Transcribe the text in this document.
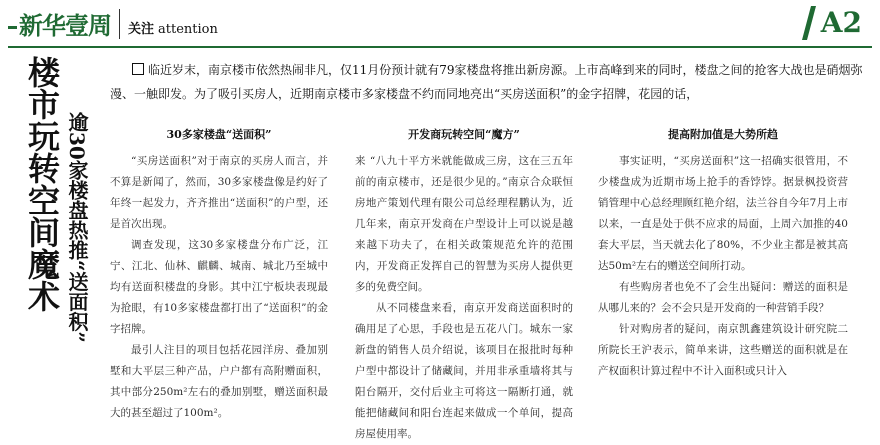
新华壹周 关注 attention	A2
楼市玩转空间魔术 逾30家楼盘热推“送面积”
临近岁末，南京楼市依然热闹非凡，仅11月份预计就有79家楼盘将推出新房源。上市高峰到来的同时，楼盘之间的抢客大战也是硝烟弥漫、一触即发。为了吸引买房人，近期南京楼市多家楼盘不约而同地亮出“买房送面积”的金字招牌，花园的话，
30多家楼盘“送面积”

“买房送面积”对于南京的买房人而言，并不算是新闻了，然而，30多家楼盘像是约好了年终一起发力，齐齐推出“送面积”的户型，还是首次出现。

调查发现，这30多家楼盘分布广泛，江宁、江北、仙林、麒麟、城南、城北乃至城中均有送面积楼盘的身影。其中江宁板块表现最为抢眼，有10多家楼盘都打出了“送面积”的金字招牌。

最引人注目的项目包括花园洋房、叠加别墅和大平层三种产品，户户都有高附赠面积，其中部分250m²左右的叠加别墅，赠送面积最大的甚至超过了100m²。

开发商玩转空间“魔方”

来 “八九十平方米就能做成三房，这在三五年前的南京楼市，还是很少见的。”南京合众联恒房地产策划代理有限公司总经理程鹏认为，近几年来，南京开发商在户型设计上可以说是越来越下功夫了，在相关政策规范允许的范围内，开发商正发挥自己的智慧为买房人提供更多的免费空间。

从不同楼盘来看，南京开发商送面积时的确用足了心思，手段也是五花八门。城东一家新盘的销售人员介绍说，该项目在报批时每种户型中都设计了储藏间，并用非承重墙将其与阳台隔开，交付后业主可将这一隔断打通，就能把储藏间和阳台连起来做成一个单间，提高房屋使用率。

提高附加值是大势所趋

事实证明，“买房送面积”这一招确实很管用，不少楼盘成为近期市场上抢手的香饽饽。据景枫投资营销管理中心总经理顾红艳介绍，法兰谷自今年7月上市以来，一直是处于供不应求的局面，上周六加推的40套大平层，当天就去化了80%，不少业主都是被其高达50m²左右的赠送空间所打动。

有些购房者也免不了会生出疑问：赠送的面积是从哪儿来的？会不会只是开发商的一种营销手段？

针对购房者的疑问，南京凯鑫建筑设计研究院二所院长王沪表示，简单来讲，这些赠送的面积就是在产权面积计算过程中不计入面积或只计入
